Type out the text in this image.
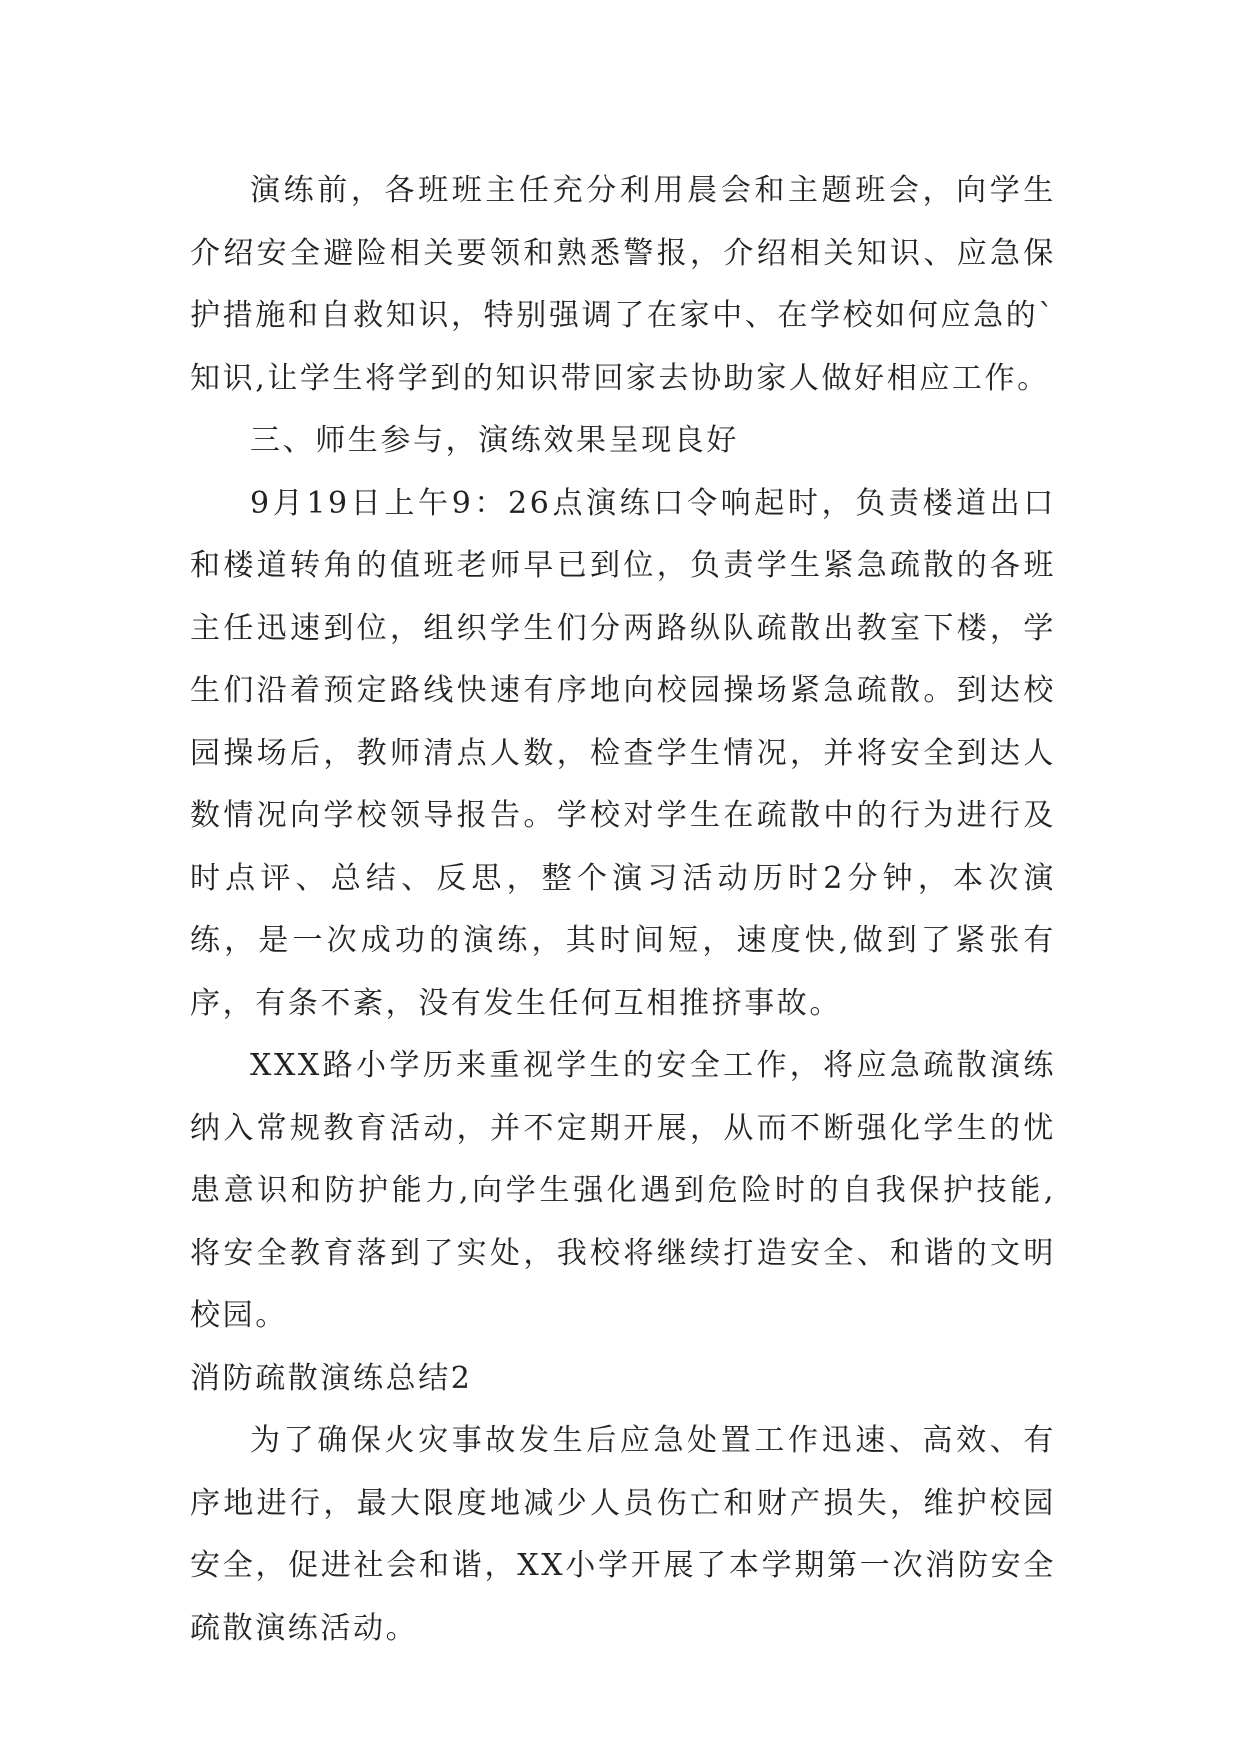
演练前，各班班主任充分利用晨会和主题班会，向学生介绍安全避险相关要领和熟悉警报，介绍相关知识、应急保护措施和自救知识，特别强调了在家中、在学校如何应急的`知识,让学生将学到的知识带回家去协助家人做好相应工作。

三、师生参与，演练效果呈现良好

9月19日上午9：26点演练口令响起时，负责楼道出口和楼道转角的值班老师早已到位，负责学生紧急疏散的各班主任迅速到位，组织学生们分两路纵队疏散出教室下楼，学生们沿着预定路线快速有序地向校园操场紧急疏散。到达校园操场后，教师清点人数，检查学生情况，并将安全到达人数情况向学校领导报告。学校对学生在疏散中的行为进行及时点评、总结、反思，整个演习活动历时2分钟，本次演练，是一次成功的演练，其时间短，速度快,做到了紧张有序，有条不紊，没有发生任何互相推挤事故。

XXX路小学历来重视学生的安全工作，将应急疏散演练纳入常规教育活动，并不定期开展，从而不断强化学生的忧患意识和防护能力,向学生强化遇到危险时的自我保护技能,将安全教育落到了实处，我校将继续打造安全、和谐的文明校园。

消防疏散演练总结2

为了确保火灾事故发生后应急处置工作迅速、高效、有序地进行，最大限度地减少人员伤亡和财产损失，维护校园安全，促进社会和谐，XX小学开展了本学期第一次消防安全疏散演练活动。
